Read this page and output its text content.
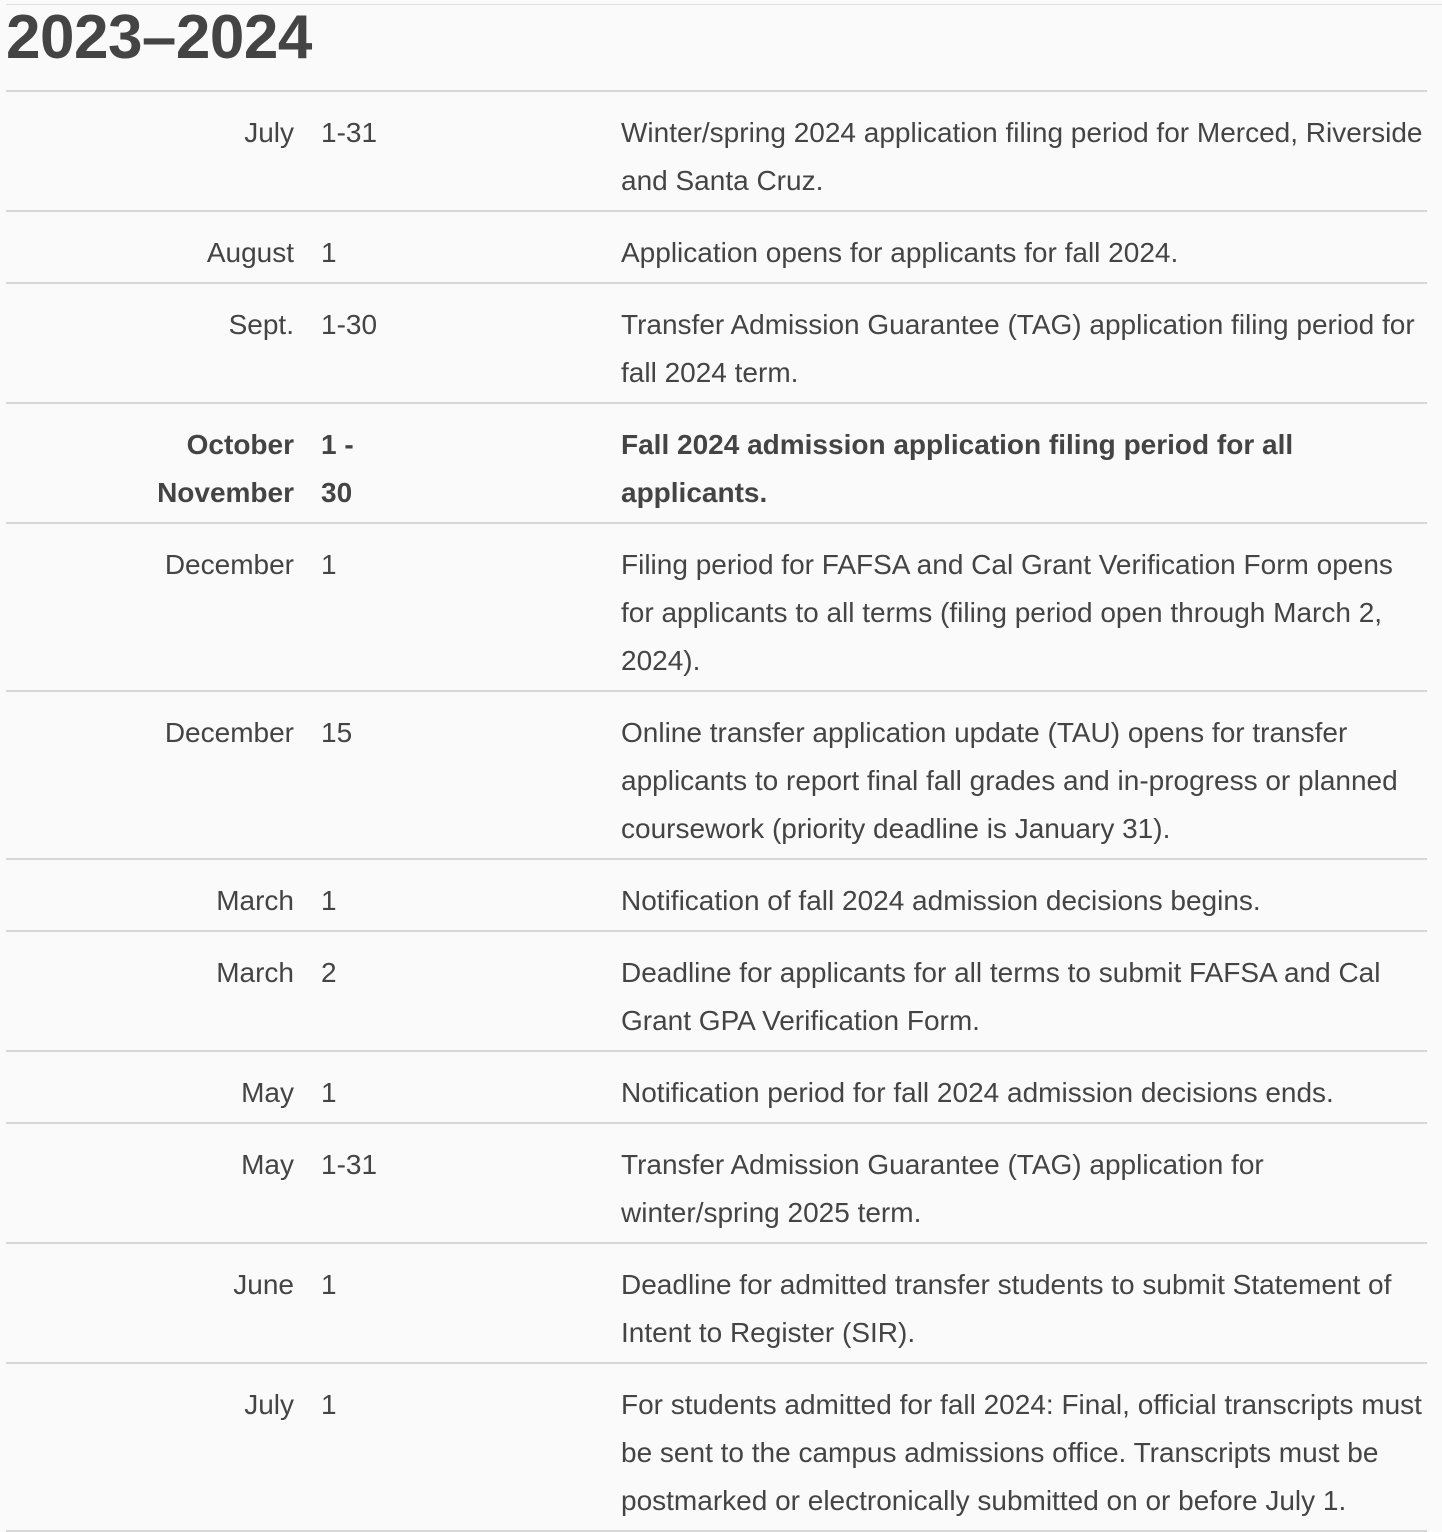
2023–2024
July	1-31	Winter/spring 2024 application filing period for Merced, Riverside and Santa Cruz.
August	1	Application opens for applicants for fall 2024.
Sept.	1-30	Transfer Admission Guarantee (TAG) application filing period for fall 2024 term.
October November	1 - 30	Fall 2024 admission application filing period for all applicants.
December	1	Filing period for FAFSA and Cal Grant Verification Form opens for applicants to all terms (filing period open through March 2, 2024).
December	15	Online transfer application update (TAU) opens for transfer applicants to report final fall grades and in-progress or planned coursework (priority deadline is January 31).
March	1	Notification of fall 2024 admission decisions begins.
March	2	Deadline for applicants for all terms to submit FAFSA and Cal Grant GPA Verification Form.
May	1	Notification period for fall 2024 admission decisions ends.
May	1-31	Transfer Admission Guarantee (TAG) application for winter/spring 2025 term.
June	1	Deadline for admitted transfer students to submit Statement of Intent to Register (SIR).
July	1	For students admitted for fall 2024: Final, official transcripts must be sent to the campus admissions office. Transcripts must be postmarked or electronically submitted on or before July 1.
